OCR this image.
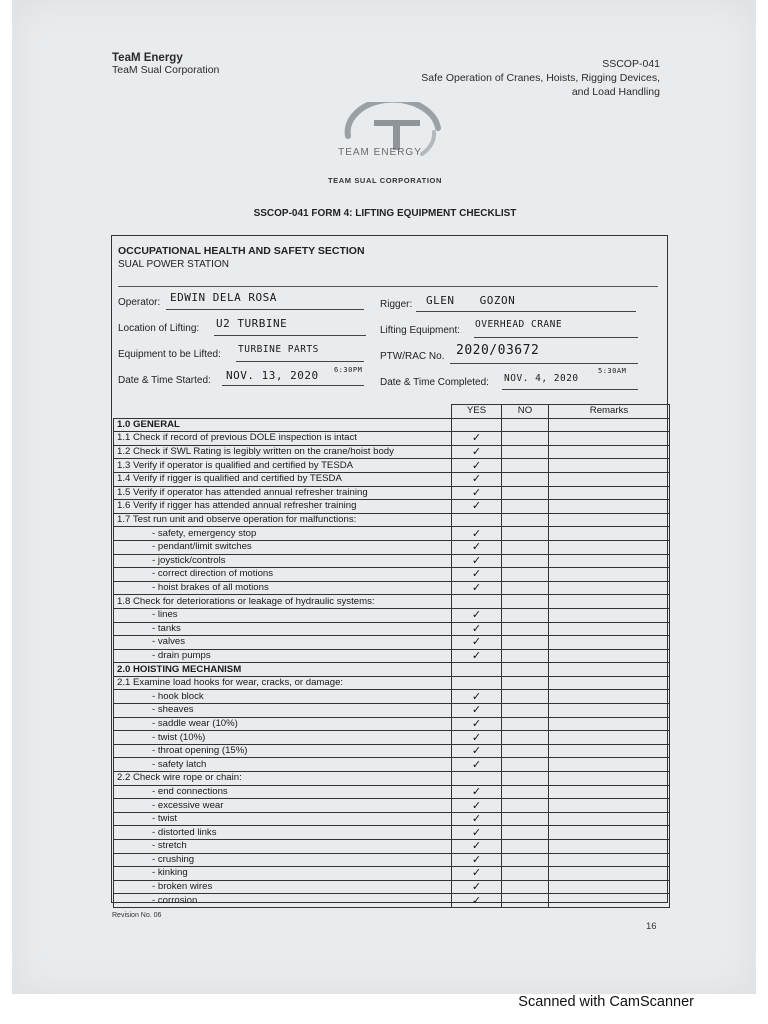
TeaM Energy
TeaM Sual Corporation	SSCOP-041
Safe Operation of Cranes, Hoists, Rigging Devices,
and Load Handling
TEAM ENERGY
TEAM SUAL CORPORATION
SSCOP-041 FORM 4: LIFTING EQUIPMENT CHECKLIST
OCCUPATIONAL HEALTH AND SAFETY SECTION
SUAL POWER STATION
Operator: EDWIN DELA ROSA
Rigger: GLEN GOZON
Location of Lifting: U2 TURBINE
Lifting Equipment:
OVERHEAD CRANE
Equipment to be Lifted: TURBINE PARTS
PTW/RAC No. 2020/03672
Date & Time Started: NOV. 13, 2020 6:30PM
Date & Time Completed: NOV. 4, 2020
5:30AM
	YES	NO	Remarks
1.0 GENERAL			
1.1 Check if record of previous DOLE inspection is intact	✓		
1.2 Check if SWL Rating is legibly written on the crane/hoist body	✓		
1.3 Verify if operator is qualified and certified by TESDA	✓		
1.4 Verify if rigger is qualified and certified by TESDA	✓		
1.5 Verify if operator has attended annual refresher training	✓		
1.6 Verify if rigger has attended annual refresher training	✓		
1.7 Test run unit and observe operation for malfunctions:			
- safety, emergency stop	✓		
- pendant/limit switches	✓		
- joystick/controls	✓		
- correct direction of motions	✓		
- hoist brakes of all motions	✓		
1.8 Check for deteriorations or leakage of hydraulic systems:			
- lines	✓		
- tanks	✓		
- valves	✓		
- drain pumps	✓		
2.0 HOISTING MECHANISM			
2.1 Examine load hooks for wear, cracks, or damage:			
- hook block	✓		
- sheaves	✓		
- saddle wear (10%)	✓		
- twist (10%)	✓		
- throat opening (15%)	✓		
- safety latch	✓		
2.2 Check wire rope or chain:			
- end connections	✓		
- excessive wear	✓		
- twist	✓		
- distorted links	✓		
- stretch	✓		
- crushing	✓		
- kinking	✓		
- broken wires	✓		
- corrosion	✓		
Revision No. 06
16
Scanned with CamScanner
